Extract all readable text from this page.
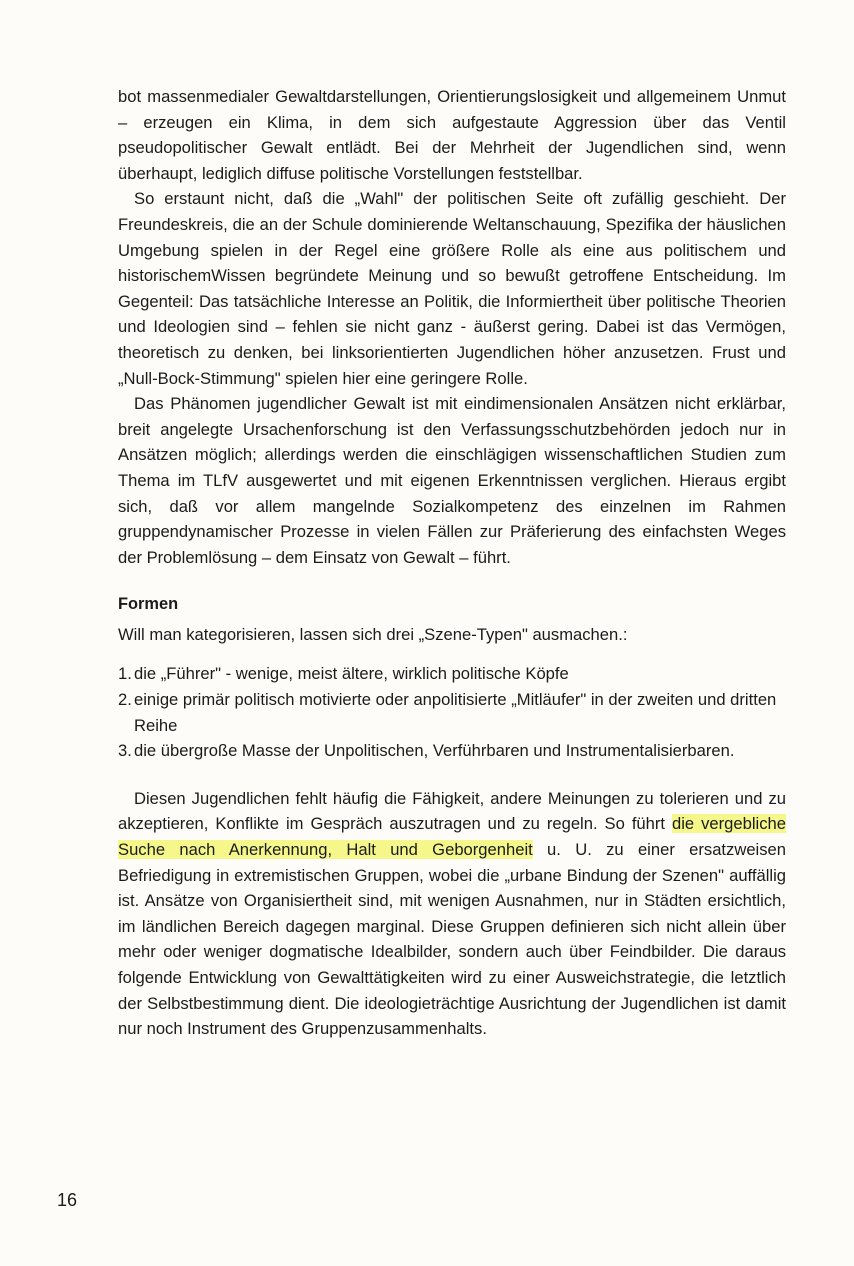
bot massenmedialer Gewaltdarstellungen, Orientierungslosigkeit und allgemeinem Unmut – erzeugen ein Klima, in dem sich aufgestaute Aggression über das Ventil pseudopolitischer Gewalt entlädt. Bei der Mehrheit der Jugendlichen sind, wenn überhaupt, lediglich diffuse politische Vorstellungen feststellbar.

So erstaunt nicht, daß die „Wahl" der politischen Seite oft zufällig geschieht. Der Freundeskreis, die an der Schule dominierende Weltanschauung, Spezifika der häuslichen Umgebung spielen in der Regel eine größere Rolle als eine aus politischem und historischemWissen begründete Meinung und so bewußt getroffene Entscheidung. Im Gegenteil: Das tatsächliche Interesse an Politik, die Informiertheit über politische Theorien und Ideologien sind – fehlen sie nicht ganz - äußerst gering. Dabei ist das Vermögen, theoretisch zu denken, bei linksorientierten Jugendlichen höher anzusetzen. Frust und „Null-Bock-Stimmung" spielen hier eine geringere Rolle.

Das Phänomen jugendlicher Gewalt ist mit eindimensionalen Ansätzen nicht erklärbar, breit angelegte Ursachenforschung ist den Verfassungsschutzbehörden jedoch nur in Ansätzen möglich; allerdings werden die einschlägigen wissenschaftlichen Studien zum Thema im TLfV ausgewertet und mit eigenen Erkenntnissen verglichen. Hieraus ergibt sich, daß vor allem mangelnde Sozialkompetenz des einzelnen im Rahmen gruppendynamischer Prozesse in vielen Fällen zur Präferierung des einfachsten Weges der Problemlösung – dem Einsatz von Gewalt – führt.

Formen

Will man kategorisieren, lassen sich drei „Szene-Typen" ausmachen.:

1. die „Führer" - wenige, meist ältere, wirklich politische Köpfe
2. einige primär politisch motivierte oder anpolitisierte „Mitläufer" in der zweiten und dritten Reihe
3. die übergroße Masse der Unpolitischen, Verführbaren und Instrumentalisierbaren.

Diesen Jugendlichen fehlt häufig die Fähigkeit, andere Meinungen zu tolerieren und zu akzeptieren, Konflikte im Gespräch auszutragen und zu regeln. So führt die vergebliche Suche nach Anerkennung, Halt und Geborgenheit u. U. zu einer ersatzweisen Befriedigung in extremistischen Gruppen, wobei die „urbane Bindung der Szenen" auffällig ist. Ansätze von Organisiertheit sind, mit wenigen Ausnahmen, nur in Städten ersichtlich, im ländlichen Bereich dagegen marginal. Diese Gruppen definieren sich nicht allein über mehr oder weniger dogmatische Idealbilder, sondern auch über Feindbilder. Die daraus folgende Entwicklung von Gewalttätigkeiten wird zu einer Ausweichstrategie, die letztlich der Selbstbestimmung dient. Die ideologieträchtige Ausrichtung der Jugendlichen ist damit nur noch Instrument des Gruppenzusammenhalts.

16
